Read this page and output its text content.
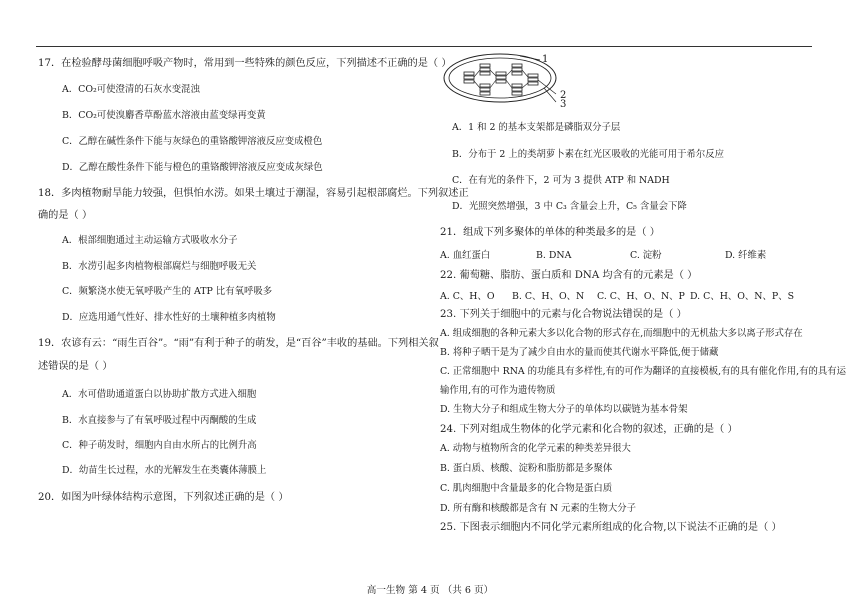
17．在检验酵母菌细胞呼吸产物时，常用到一些特殊的颜色反应，下列描述不正确的是（ ）
A．CO₂可使澄清的石灰水变混浊
B．CO₂可使溴麝香草酚蓝水溶液由蓝变绿再变黄
C．乙醇在碱性条件下能与灰绿色的重铬酸钾溶液反应变成橙色
D．乙醇在酸性条件下能与橙色的重铬酸钾溶液反应变成灰绿色
18．多肉植物耐旱能力较强，但惧怕水涝。如果土壤过于潮湿，容易引起根部腐烂。下列叙述正
确的是（ ）
A．根部细胞通过主动运输方式吸收水分子
B．水涝引起多肉植物根部腐烂与细胞呼吸无关
C．频繁浇水使无氧呼吸产生的 ATP 比有氧呼吸多
D．应选用通气性好、排水性好的土壤种植多肉植物
19．农谚有云：“雨生百谷”。“雨”有利于种子的萌发，是“百谷”丰收的基础。下列相关叙
述错误的是（ ）
A．水可借助通道蛋白以协助扩散方式进入细胞
B．水直接参与了有氧呼吸过程中丙酮酸的生成
C．种子萌发时，细胞内自由水所占的比例升高
D．幼苗生长过程，水的光解发生在类囊体薄膜上
20．如图为叶绿体结构示意图，下列叙述正确的是（ ）
1
2
3
A．1 和 2 的基本支架都是磷脂双分子层
B．分布于 2 上的类胡萝卜素在红光区吸收的光能可用于希尔反应
C．在有光的条件下，2 可为 3 提供 ATP 和 NADH
D．光照突然增强，3 中 C₃ 含量会上升，C₅ 含量会下降
21．组成下列多聚体的单体的种类最多的是（ ）
A. 血红蛋白	B. DNA	C. 淀粉	D. 纤维素
22. 葡萄糖、脂肪、蛋白质和 DNA 均含有的元素是（ ）
A. C、H、O B. C、H、O、N C. C、H、O、N、P D. C、H、O、N、P、S
23. 下列关于细胞中的元素与化合物说法错误的是（ ）
A. 组成细胞的各种元素大多以化合物的形式存在,而细胞中的无机盐大多以离子形式存在
B. 将种子晒干是为了减少自由水的量而使其代谢水平降低,便于储藏
C. 正常细胞中 RNA 的功能具有多样性,有的可作为翻译的直接模板,有的具有催化作用,有的具有运
输作用,有的可作为遗传物质
D. 生物大分子和组成生物大分子的单体均以碳链为基本骨架
24. 下列对组成生物体的化学元素和化合物的叙述，正确的是（ ）
A. 动物与植物所含的化学元素的种类差异很大
B. 蛋白质、核酸、淀粉和脂肪都是多聚体
C. 肌肉细胞中含量最多的化合物是蛋白质
D. 所有酶和核酸都是含有 N 元素的生物大分子
25. 下图表示细胞内不同化学元素所组成的化合物,以下说法不正确的是（ ）
高一生物 第 4 页 （共 6 页）
